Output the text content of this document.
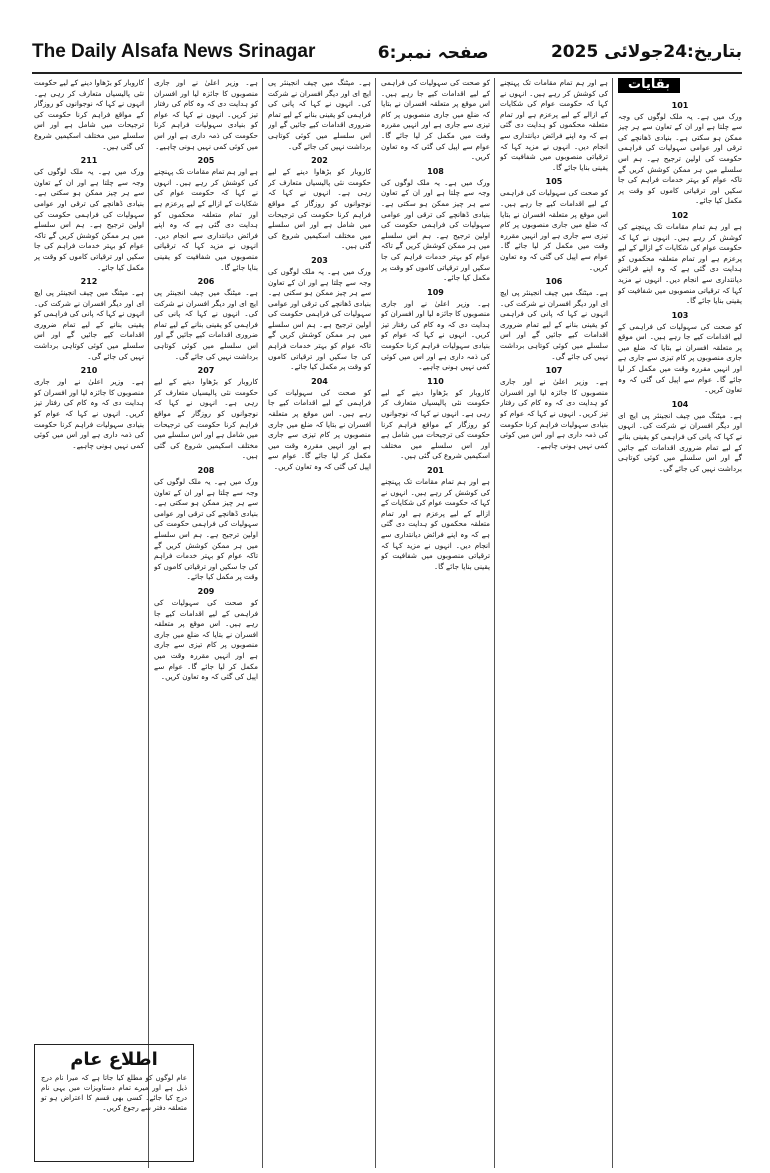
The Daily Alsafa News Srinagar	صفحہ نمبر:6	بتاریخ:24جولائی 2025
بقایات
101

ورک میں ہے۔ یہ ملک لوگوں کی وجہ سے چلتا ہے اور ان کے تعاون سے ہر چیز ممکن ہو سکتی ہے۔ بنیادی ڈھانچے کی ترقی اور عوامی سہولیات کی فراہمی حکومت کی اولین ترجیح ہے۔ ہم اس سلسلے میں ہر ممکن کوشش کریں گے تاکہ عوام کو بہتر خدمات فراہم کی جا سکیں اور ترقیاتی کاموں کو وقت پر مکمل کیا جائے۔

102

ہے اور ہم تمام مقامات تک پہنچنے کی کوشش کر رہے ہیں۔ انہوں نے کہا کہ حکومت عوام کی شکایات کے ازالے کے لیے پرعزم ہے اور تمام متعلقہ محکموں کو ہدایت دی گئی ہے کہ وہ اپنے فرائض دیانتداری سے انجام دیں۔ انہوں نے مزید کہا کہ ترقیاتی منصوبوں میں شفافیت کو یقینی بنایا جائے گا۔

103

کو صحت کی سہولیات کی فراہمی کے لیے اقدامات کیے جا رہے ہیں۔ اس موقع پر متعلقہ افسران نے بتایا کہ ضلع میں جاری منصوبوں پر کام تیزی سے جاری ہے اور انہیں مقررہ وقت میں مکمل کر لیا جائے گا۔ عوام سے اپیل کی گئی کہ وہ تعاون کریں۔

104

ہے۔ میٹنگ میں چیف انجینئر پی ایچ ای اور دیگر افسران نے شرکت کی۔ انہوں نے کہا کہ پانی کی فراہمی کو یقینی بنانے کے لیے تمام ضروری اقدامات کیے جائیں گے اور اس سلسلے میں کوئی کوتاہی برداشت نہیں کی جائے گی۔

ہے اور ہم تمام مقامات تک پہنچنے کی کوشش کر رہے ہیں۔ انہوں نے کہا کہ حکومت عوام کی شکایات کے ازالے کے لیے پرعزم ہے اور تمام متعلقہ محکموں کو ہدایت دی گئی ہے کہ وہ اپنے فرائض دیانتداری سے انجام دیں۔ انہوں نے مزید کہا کہ ترقیاتی منصوبوں میں شفافیت کو یقینی بنایا جائے گا۔

105

کو صحت کی سہولیات کی فراہمی کے لیے اقدامات کیے جا رہے ہیں۔ اس موقع پر متعلقہ افسران نے بتایا کہ ضلع میں جاری منصوبوں پر کام تیزی سے جاری ہے اور انہیں مقررہ وقت میں مکمل کر لیا جائے گا۔ عوام سے اپیل کی گئی کہ وہ تعاون کریں۔

106

ہے۔ میٹنگ میں چیف انجینئر پی ایچ ای اور دیگر افسران نے شرکت کی۔ انہوں نے کہا کہ پانی کی فراہمی کو یقینی بنانے کے لیے تمام ضروری اقدامات کیے جائیں گے اور اس سلسلے میں کوئی کوتاہی برداشت نہیں کی جائے گی۔

107

ہے۔ وزیر اعلیٰ نے اور جاری منصوبوں کا جائزہ لیا اور افسران کو ہدایت دی کہ وہ کام کی رفتار تیز کریں۔ انہوں نے کہا کہ عوام کو بنیادی سہولیات فراہم کرنا حکومت کی ذمہ داری ہے اور اس میں کوئی کمی نہیں ہونی چاہیے۔

کو صحت کی سہولیات کی فراہمی کے لیے اقدامات کیے جا رہے ہیں۔ اس موقع پر متعلقہ افسران نے بتایا کہ ضلع میں جاری منصوبوں پر کام تیزی سے جاری ہے اور انہیں مقررہ وقت میں مکمل کر لیا جائے گا۔ عوام سے اپیل کی گئی کہ وہ تعاون کریں۔

108

ورک میں ہے۔ یہ ملک لوگوں کی وجہ سے چلتا ہے اور ان کے تعاون سے ہر چیز ممکن ہو سکتی ہے۔ بنیادی ڈھانچے کی ترقی اور عوامی سہولیات کی فراہمی حکومت کی اولین ترجیح ہے۔ ہم اس سلسلے میں ہر ممکن کوشش کریں گے تاکہ عوام کو بہتر خدمات فراہم کی جا سکیں اور ترقیاتی کاموں کو وقت پر مکمل کیا جائے۔

109

ہے۔ وزیر اعلیٰ نے اور جاری منصوبوں کا جائزہ لیا اور افسران کو ہدایت دی کہ وہ کام کی رفتار تیز کریں۔ انہوں نے کہا کہ عوام کو بنیادی سہولیات فراہم کرنا حکومت کی ذمہ داری ہے اور اس میں کوئی کمی نہیں ہونی چاہیے۔

110

کاروبار کو بڑھاوا دینے کے لیے حکومت نئی پالیسیاں متعارف کر رہی ہے۔ انہوں نے کہا کہ نوجوانوں کو روزگار کے مواقع فراہم کرنا حکومت کی ترجیحات میں شامل ہے اور اس سلسلے میں مختلف اسکیمیں شروع کی گئی ہیں۔

201

ہے اور ہم تمام مقامات تک پہنچنے کی کوشش کر رہے ہیں۔ انہوں نے کہا کہ حکومت عوام کی شکایات کے ازالے کے لیے پرعزم ہے اور تمام متعلقہ محکموں کو ہدایت دی گئی ہے کہ وہ اپنے فرائض دیانتداری سے انجام دیں۔ انہوں نے مزید کہا کہ ترقیاتی منصوبوں میں شفافیت کو یقینی بنایا جائے گا۔

ہے۔ میٹنگ میں چیف انجینئر پی ایچ ای اور دیگر افسران نے شرکت کی۔ انہوں نے کہا کہ پانی کی فراہمی کو یقینی بنانے کے لیے تمام ضروری اقدامات کیے جائیں گے اور اس سلسلے میں کوئی کوتاہی برداشت نہیں کی جائے گی۔

202

کاروبار کو بڑھاوا دینے کے لیے حکومت نئی پالیسیاں متعارف کر رہی ہے۔ انہوں نے کہا کہ نوجوانوں کو روزگار کے مواقع فراہم کرنا حکومت کی ترجیحات میں شامل ہے اور اس سلسلے میں مختلف اسکیمیں شروع کی گئی ہیں۔

203

ورک میں ہے۔ یہ ملک لوگوں کی وجہ سے چلتا ہے اور ان کے تعاون سے ہر چیز ممکن ہو سکتی ہے۔ بنیادی ڈھانچے کی ترقی اور عوامی سہولیات کی فراہمی حکومت کی اولین ترجیح ہے۔ ہم اس سلسلے میں ہر ممکن کوشش کریں گے تاکہ عوام کو بہتر خدمات فراہم کی جا سکیں اور ترقیاتی کاموں کو وقت پر مکمل کیا جائے۔

204

کو صحت کی سہولیات کی فراہمی کے لیے اقدامات کیے جا رہے ہیں۔ اس موقع پر متعلقہ افسران نے بتایا کہ ضلع میں جاری منصوبوں پر کام تیزی سے جاری ہے اور انہیں مقررہ وقت میں مکمل کر لیا جائے گا۔ عوام سے اپیل کی گئی کہ وہ تعاون کریں۔

ہے۔ وزیر اعلیٰ نے اور جاری منصوبوں کا جائزہ لیا اور افسران کو ہدایت دی کہ وہ کام کی رفتار تیز کریں۔ انہوں نے کہا کہ عوام کو بنیادی سہولیات فراہم کرنا حکومت کی ذمہ داری ہے اور اس میں کوئی کمی نہیں ہونی چاہیے۔

205

ہے اور ہم تمام مقامات تک پہنچنے کی کوشش کر رہے ہیں۔ انہوں نے کہا کہ حکومت عوام کی شکایات کے ازالے کے لیے پرعزم ہے اور تمام متعلقہ محکموں کو ہدایت دی گئی ہے کہ وہ اپنے فرائض دیانتداری سے انجام دیں۔ انہوں نے مزید کہا کہ ترقیاتی منصوبوں میں شفافیت کو یقینی بنایا جائے گا۔

206

ہے۔ میٹنگ میں چیف انجینئر پی ایچ ای اور دیگر افسران نے شرکت کی۔ انہوں نے کہا کہ پانی کی فراہمی کو یقینی بنانے کے لیے تمام ضروری اقدامات کیے جائیں گے اور اس سلسلے میں کوئی کوتاہی برداشت نہیں کی جائے گی۔

207

کاروبار کو بڑھاوا دینے کے لیے حکومت نئی پالیسیاں متعارف کر رہی ہے۔ انہوں نے کہا کہ نوجوانوں کو روزگار کے مواقع فراہم کرنا حکومت کی ترجیحات میں شامل ہے اور اس سلسلے میں مختلف اسکیمیں شروع کی گئی ہیں۔

208

ورک میں ہے۔ یہ ملک لوگوں کی وجہ سے چلتا ہے اور ان کے تعاون سے ہر چیز ممکن ہو سکتی ہے۔ بنیادی ڈھانچے کی ترقی اور عوامی سہولیات کی فراہمی حکومت کی اولین ترجیح ہے۔ ہم اس سلسلے میں ہر ممکن کوشش کریں گے تاکہ عوام کو بہتر خدمات فراہم کی جا سکیں اور ترقیاتی کاموں کو وقت پر مکمل کیا جائے۔

209

کو صحت کی سہولیات کی فراہمی کے لیے اقدامات کیے جا رہے ہیں۔ اس موقع پر متعلقہ افسران نے بتایا کہ ضلع میں جاری منصوبوں پر کام تیزی سے جاری ہے اور انہیں مقررہ وقت میں مکمل کر لیا جائے گا۔ عوام سے اپیل کی گئی کہ وہ تعاون کریں۔

کاروبار کو بڑھاوا دینے کے لیے حکومت نئی پالیسیاں متعارف کر رہی ہے۔ انہوں نے کہا کہ نوجوانوں کو روزگار کے مواقع فراہم کرنا حکومت کی ترجیحات میں شامل ہے اور اس سلسلے میں مختلف اسکیمیں شروع کی گئی ہیں۔

211

ورک میں ہے۔ یہ ملک لوگوں کی وجہ سے چلتا ہے اور ان کے تعاون سے ہر چیز ممکن ہو سکتی ہے۔ بنیادی ڈھانچے کی ترقی اور عوامی سہولیات کی فراہمی حکومت کی اولین ترجیح ہے۔ ہم اس سلسلے میں ہر ممکن کوشش کریں گے تاکہ عوام کو بہتر خدمات فراہم کی جا سکیں اور ترقیاتی کاموں کو وقت پر مکمل کیا جائے۔

212

ہے۔ میٹنگ میں چیف انجینئر پی ایچ ای اور دیگر افسران نے شرکت کی۔ انہوں نے کہا کہ پانی کی فراہمی کو یقینی بنانے کے لیے تمام ضروری اقدامات کیے جائیں گے اور اس سلسلے میں کوئی کوتاہی برداشت نہیں کی جائے گی۔

210

ہے۔ وزیر اعلیٰ نے اور جاری منصوبوں کا جائزہ لیا اور افسران کو ہدایت دی کہ وہ کام کی رفتار تیز کریں۔ انہوں نے کہا کہ عوام کو بنیادی سہولیات فراہم کرنا حکومت کی ذمہ داری ہے اور اس میں کوئی کمی نہیں ہونی چاہیے۔

اطلاع عام

عام لوگوں کو مطلع کیا جاتا ہے کہ میرا نام درج ذیل ہے اور میرے تمام دستاویزات میں یہی نام درج کیا جائے۔ کسی بھی قسم کا اعتراض ہو تو متعلقہ دفتر سے رجوع کریں۔
